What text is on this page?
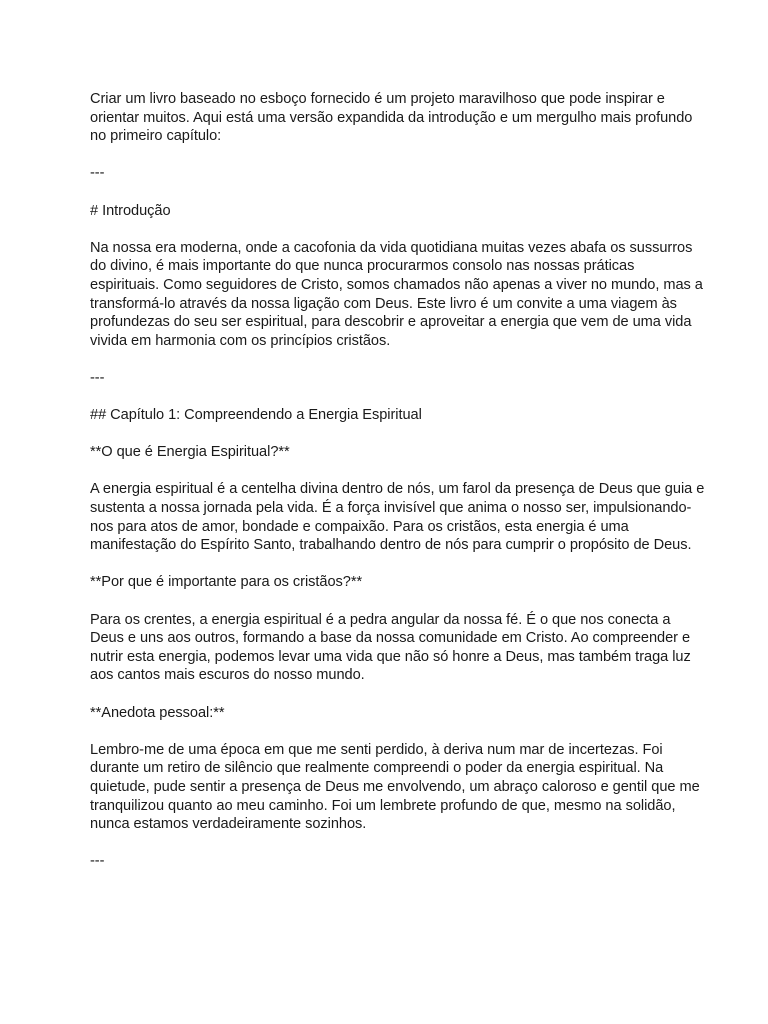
Criar um livro baseado no esboço fornecido é um projeto maravilhoso que pode inspirar e
orientar muitos. Aqui está uma versão expandida da introdução e um mergulho mais profundo
no primeiro capítulo:
---
# Introdução
Na nossa era moderna, onde a cacofonia da vida quotidiana muitas vezes abafa os sussurros
do divino, é mais importante do que nunca procurarmos consolo nas nossas práticas
espirituais. Como seguidores de Cristo, somos chamados não apenas a viver no mundo, mas a
transformá-lo através da nossa ligação com Deus. Este livro é um convite a uma viagem às
profundezas do seu ser espiritual, para descobrir e aproveitar a energia que vem de uma vida
vivida em harmonia com os princípios cristãos.
---
## Capítulo 1: Compreendendo a Energia Espiritual
**O que é Energia Espiritual?**
A energia espiritual é a centelha divina dentro de nós, um farol da presença de Deus que guia e
sustenta a nossa jornada pela vida. É a força invisível que anima o nosso ser, impulsionando-
nos para atos de amor, bondade e compaixão. Para os cristãos, esta energia é uma
manifestação do Espírito Santo, trabalhando dentro de nós para cumprir o propósito de Deus.
**Por que é importante para os cristãos?**
Para os crentes, a energia espiritual é a pedra angular da nossa fé. É o que nos conecta a
Deus e uns aos outros, formando a base da nossa comunidade em Cristo. Ao compreender e
nutrir esta energia, podemos levar uma vida que não só honre a Deus, mas também traga luz
aos cantos mais escuros do nosso mundo.
**Anedota pessoal:**
Lembro-me de uma época em que me senti perdido, à deriva num mar de incertezas. Foi
durante um retiro de silêncio que realmente compreendi o poder da energia espiritual. Na
quietude, pude sentir a presença de Deus me envolvendo, um abraço caloroso e gentil que me
tranquilizou quanto ao meu caminho. Foi um lembrete profundo de que, mesmo na solidão,
nunca estamos verdadeiramente sozinhos.
---
